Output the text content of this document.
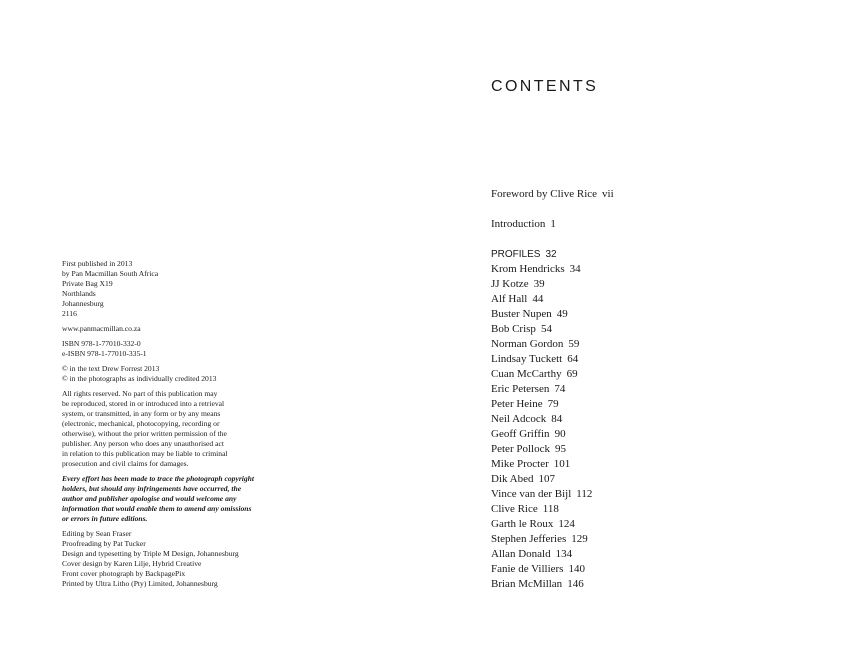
First published in 2013
by Pan Macmillan South Africa
Private Bag X19
Northlands
Johannesburg
2116
www.panmacmillan.co.za
ISBN 978-1-77010-332-0
e-ISBN 978-1-77010-335-1
© in the text Drew Forrest 2013
© in the photographs as individually credited 2013
All rights reserved. No part of this publication may
be reproduced, stored in or introduced into a retrieval
system, or transmitted, in any form or by any means
(electronic, mechanical, photocopying, recording or
otherwise), without the prior written permission of the
publisher. Any person who does any unauthorised act
in relation to this publication may be liable to criminal
prosecution and civil claims for damages.
Every effort has been made to trace the photograph copyright
holders, but should any infringements have occurred, the
author and publisher apologise and would welcome any
information that would enable them to amend any omissions
or errors in future editions.
Editing by Sean Fraser
Proofreading by Pat Tucker
Design and typesetting by Triple M Design, Johannesburg
Cover design by Karen Lilje, Hybrid Creative
Front cover photograph by BackpagePix
Printed by Ultra Litho (Pty) Limited, Johannesburg
CONTENTS
Foreword by Clive Rice vii
Introduction 1
PROFILES 32
Krom Hendricks 34
JJ Kotze 39
Alf Hall 44
Buster Nupen 49
Bob Crisp 54
Norman Gordon 59
Lindsay Tuckett 64
Cuan McCarthy 69
Eric Petersen 74
Peter Heine 79
Neil Adcock 84
Geoff Griffin 90
Peter Pollock 95
Mike Procter 101
Dik Abed 107
Vince van der Bijl 112
Clive Rice 118
Garth le Roux 124
Stephen Jefferies 129
Allan Donald 134
Fanie de Villiers 140
Brian McMillan 146
